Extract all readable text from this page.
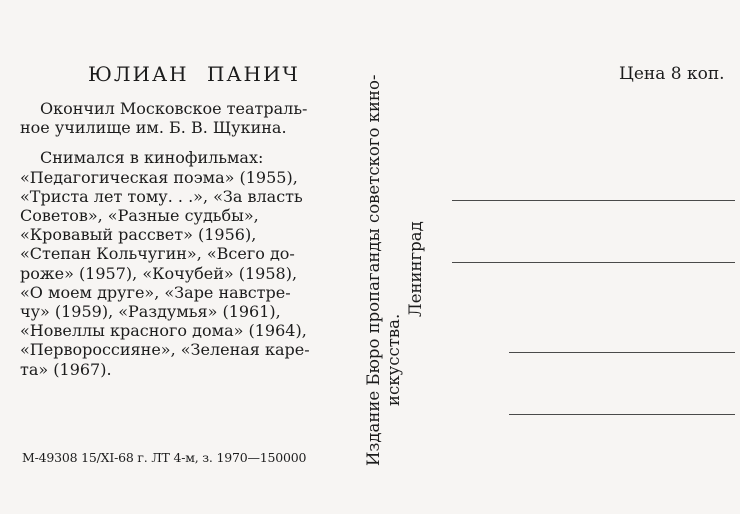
ЮЛИАН ПАНИЧ

Окончил Московское театраль-

ное училище им. Б. В. Щукина.

Снимался в кинофильмах:

«Педагогическая поэма» (1955),

«Триста лет тому. . .», «За власть

Советов», «Разные судьбы»,

«Кровавый рассвет» (1956),

«Степан Кольчугин», «Всего до-

роже» (1957), «Кочубей» (1958),

«О моем друге», «Заре навстре-

чу» (1959), «Раздумья» (1961),

«Новеллы красного дома» (1964),

«Первороссияне», «Зеленая каре-

та» (1967).

М-49308 15/XI-68 г. ЛТ 4-м, з. 1970—150000	Издание Бюро пропаганды советского кино- искусства.
Ленинград
Цена 8 коп.
